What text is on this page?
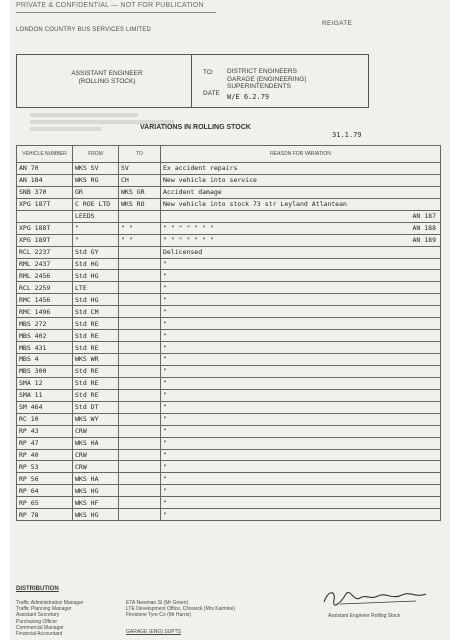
PRIVATE & CONFIDENTIAL — NOT FOR PUBLICATION
LONDON COUNTRY BUS SERVICES LIMITED
REIGATE
ASSISTANT ENGINEER
(ROLLING STOCK)
TO: DISTRICT ENGINEERS
GARAGE (ENGINEERING)
SUPERINTENDENTS
DATE W/E 6.2.79
VARIATIONS IN ROLLING STOCK
31.1.79
VEHICLE NUMBER	FROM	TO	REASON FOR VARIATION
AN 70	WKS SV	SV	Ex accident repairs

AN 184	WKS RG	CH	New vehicle into service

SNB 370	GR	WKS GR	Accident damage

XPG 187T	C ROE LTD	WKS RO	New vehicle into stock 73 str Leyland Atlantean

	LEEDS		AN 187

XPG 188T	"	" "	" " " " " " " AN 188

XPG 189T	"	" "	" " " " " " " AN 189

RCL 2237	Std GY		Delicensed

RML 2437	Std HG		"

RML 2456	Std HG		"

RCL 2259	LTE		"

RMC 1456	Std HG		"

RMC 1496	Std CM		"

MBS 272	Std RE		"

MBS 402	Std RE		"

MBS 431	Std RE		"

MBS 4	WKS WR		"

MBS 300	Std RE		"

SMA 12	Std RE		"

SMA 11	Std RE		"

SM 464	Std DT		"

RC 10	WKS WY		"

RP 43	CRW		"

RP 47	WKS HA		"

RP 40	CRW		"

RP 53	CRW		"

RP 56	WKS HA		"

RP 64	WKS HG		"

RP 65	WKS HF		"

RP 78	WKS HG		"
DISTRIBUTION
Traffic Administration Manager
Traffic Planning Manager
Assistant Secretary
Purchasing Officer
Commercial Manager
Financial Accountant
ETA Newman St (Mr Green)
LTE Development Office, Chiswick (Mrs Kaimine)
Firestone Tyre Co (Mr Harris)
GARAGE (ENG) SUPTS
Assistant Engineer Rolling Stock
